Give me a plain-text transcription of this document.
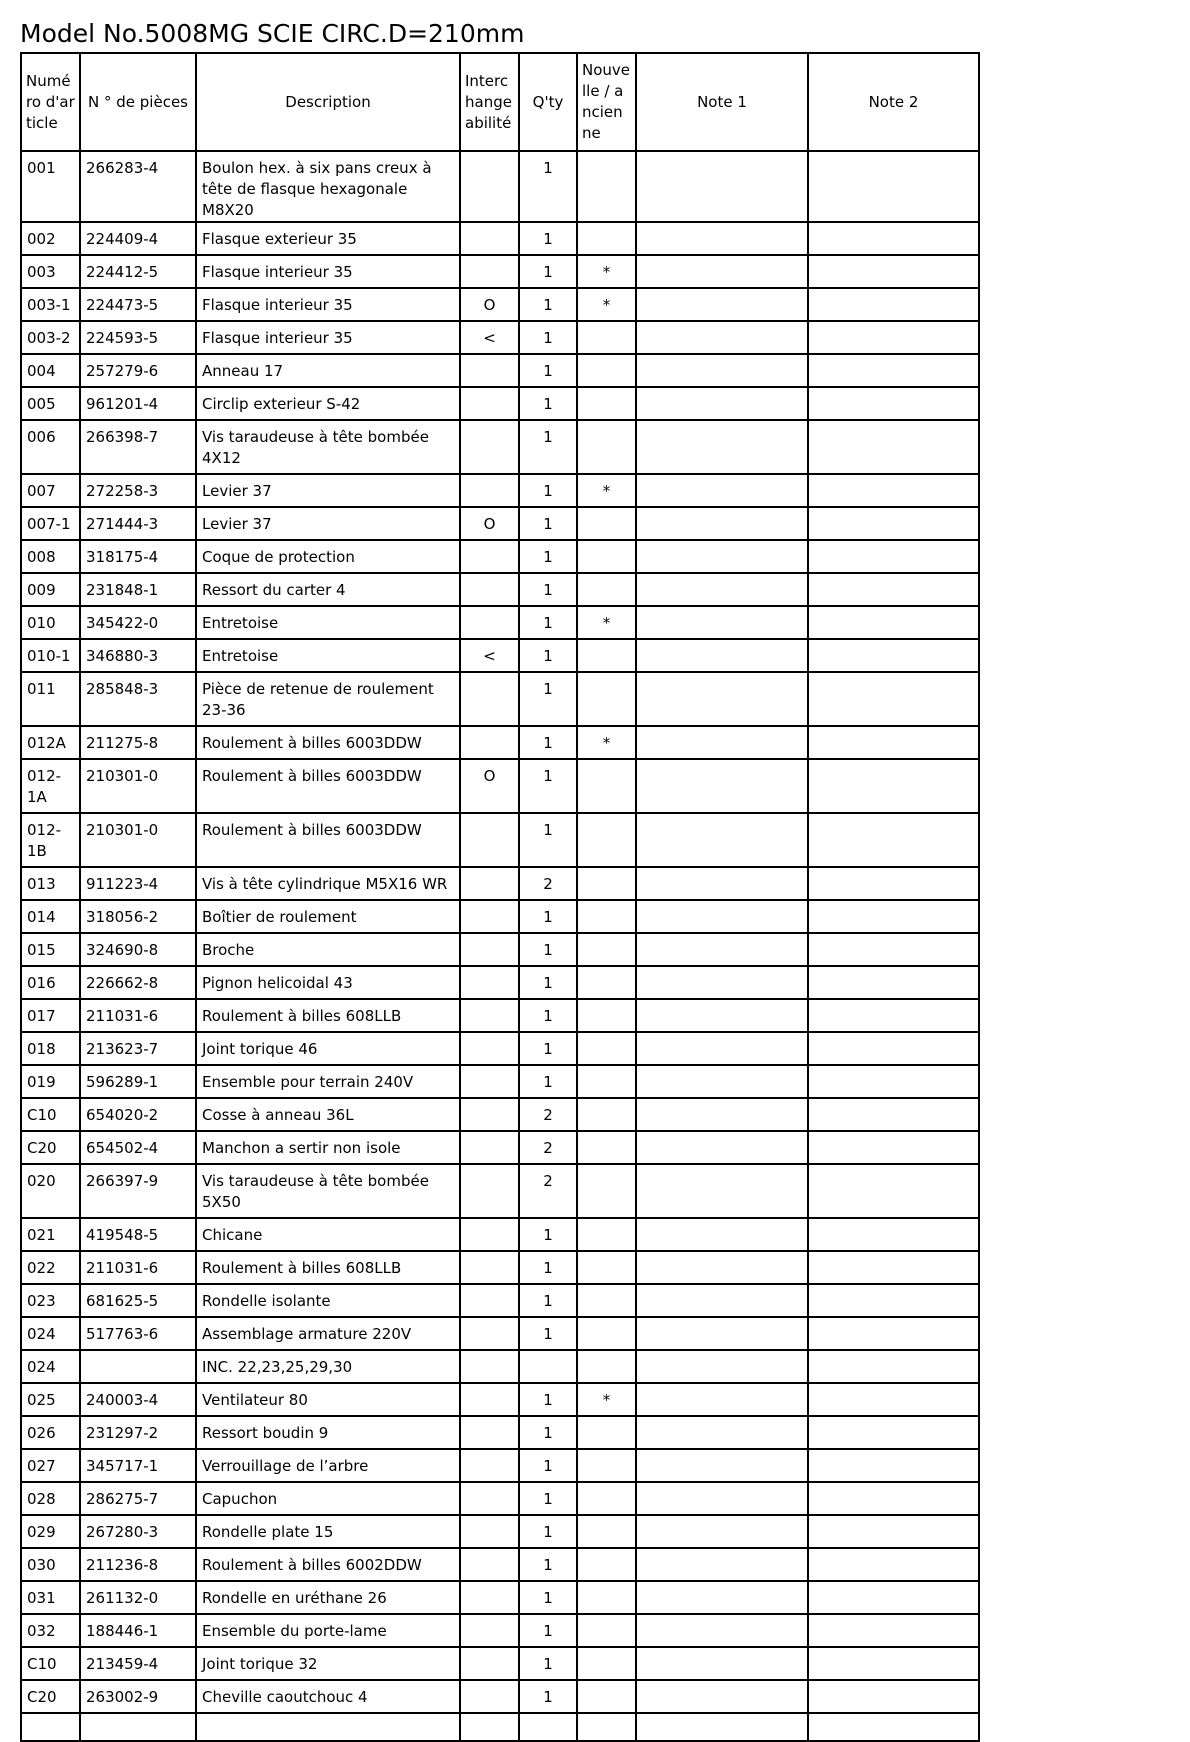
Model No.5008MG SCIE CIRC.D=210mm
Numéro d'article	N ° de pièces	Description	Interchangeabilité	Q'ty	Nouvelle / ancienne	Note 1	Note 2
001	266283-4	Boulon hex. à six pans creux à tête de flasque hexagonale M8X20		1			
002	224409-4	Flasque exterieur 35		1			
003	224412-5	Flasque interieur 35		1	*		
003-1	224473-5	Flasque interieur 35	O	1	*		
003-2	224593-5	Flasque interieur 35	<	1			
004	257279-6	Anneau 17		1			
005	961201-4	Circlip exterieur S-42		1			
006	266398-7	Vis taraudeuse à tête bombée 4X12		1			
007	272258-3	Levier 37		1	*		
007-1	271444-3	Levier 37	O	1			
008	318175-4	Coque de protection		1			
009	231848-1	Ressort du carter 4		1			
010	345422-0	Entretoise		1	*		
010-1	346880-3	Entretoise	<	1			
011	285848-3	Pièce de retenue de roulement 23-36		1			
012A	211275-8	Roulement à billes 6003DDW		1	*		
012-1A	210301-0	Roulement à billes 6003DDW	O	1			
012-1B	210301-0	Roulement à billes 6003DDW		1			
013	911223-4	Vis à tête cylindrique M5X16 WR		2			
014	318056-2	Boîtier de roulement		1			
015	324690-8	Broche		1			
016	226662-8	Pignon helicoidal 43		1			
017	211031-6	Roulement à billes 608LLB		1			
018	213623-7	Joint torique 46		1			
019	596289-1	Ensemble pour terrain 240V		1			
C10	654020-2	Cosse à anneau 36L		2			
C20	654502-4	Manchon a sertir non isole		2			
020	266397-9	Vis taraudeuse à tête bombée 5X50		2			
021	419548-5	Chicane		1			
022	211031-6	Roulement à billes 608LLB		1			
023	681625-5	Rondelle isolante		1			
024	517763-6	Assemblage armature 220V		1			
024		INC. 22,23,25,29,30					
025	240003-4	Ventilateur 80		1	*		
026	231297-2	Ressort boudin 9		1			
027	345717-1	Verrouillage de l’arbre		1			
028	286275-7	Capuchon		1			
029	267280-3	Rondelle plate 15		1			
030	211236-8	Roulement à billes 6002DDW		1			
031	261132-0	Rondelle en uréthane 26		1			
032	188446-1	Ensemble du porte-lame		1			
C10	213459-4	Joint torique 32		1			
C20	263002-9	Cheville caoutchouc 4		1			
